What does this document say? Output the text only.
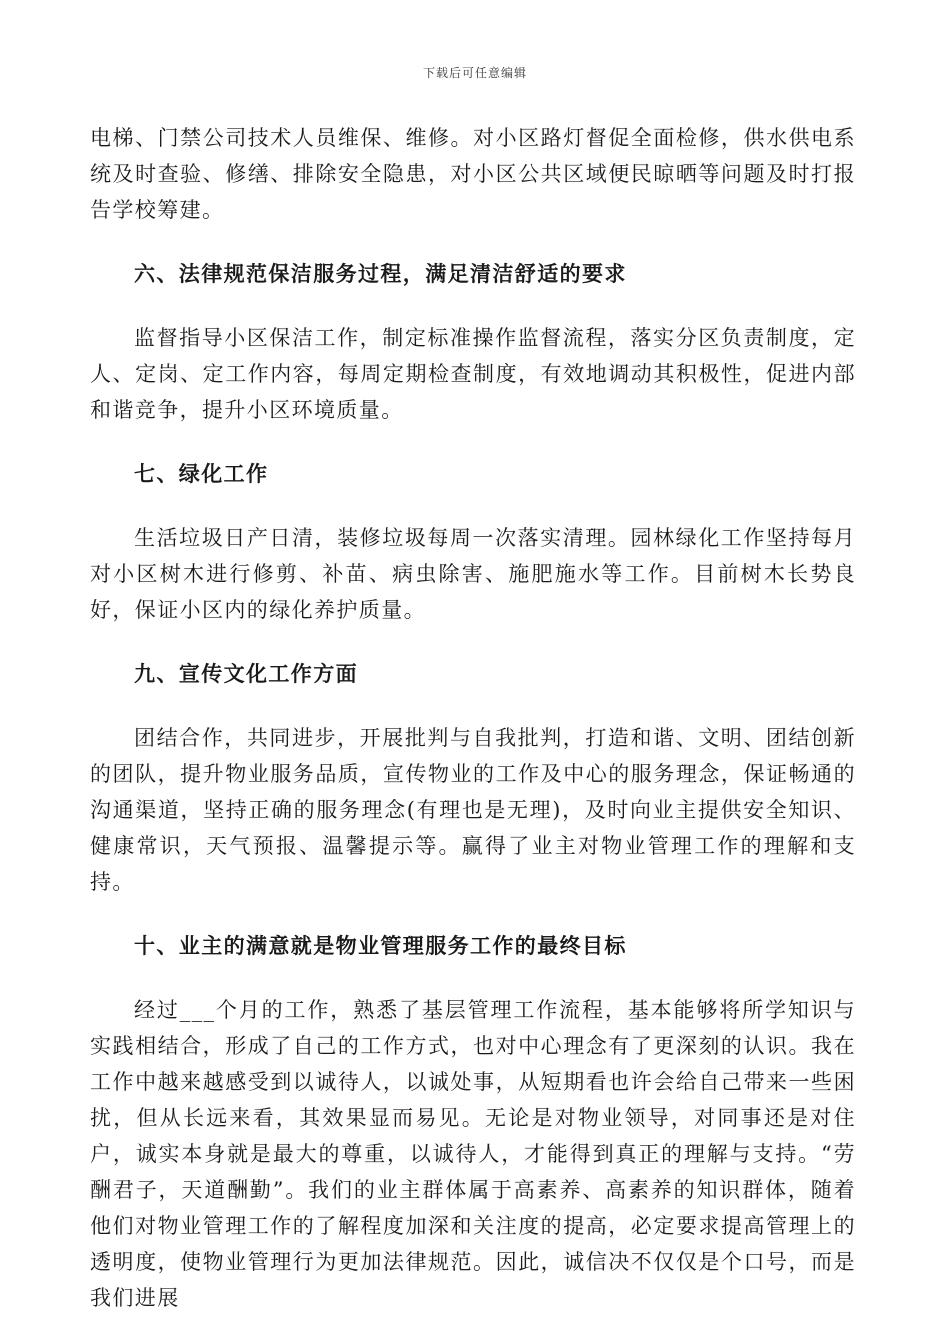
下载后可任意编辑

电梯、门禁公司技术人员维保、维修。对小区路灯督促全面检修，供水供电系统及时查验、修缮、排除安全隐患，对小区公共区域便民晾晒等问题及时打报告学校筹建。

六、法律规范保洁服务过程，满足清洁舒适的要求

监督指导小区保洁工作，制定标准操作监督流程，落实分区负责制度，定人、定岗、定工作内容，每周定期检查制度，有效地调动其积极性，促进内部和谐竞争，提升小区环境质量。

七、绿化工作

生活垃圾日产日清，装修垃圾每周一次落实清理。园林绿化工作坚持每月对小区树木进行修剪、补苗、病虫除害、施肥施水等工作。目前树木长势良好，保证小区内的绿化养护质量。

九、宣传文化工作方面

团结合作，共同进步，开展批判与自我批判，打造和谐、文明、团结创新的团队，提升物业服务品质，宣传物业的工作及中心的服务理念，保证畅通的沟通渠道，坚持正确的服务理念(有理也是无理)，及时向业主提供安全知识、健康常识，天气预报、温馨提示等。赢得了业主对物业管理工作的理解和支持。

十、业主的满意就是物业管理服务工作的最终目标

经过___个月的工作，熟悉了基层管理工作流程，基本能够将所学知识与实践相结合，形成了自己的工作方式，也对中心理念有了更深刻的认识。我在工作中越来越感受到以诚待人，以诚处事，从短期看也许会给自己带来一些困扰，但从长远来看，其效果显而易见。无论是对物业领导，对同事还是对住户，诚实本身就是最大的尊重，以诚待人，才能得到真正的理解与支持。“劳酬君子，天道酬勤”。我们的业主群体属于高素养、高素养的知识群体，随着他们对物业管理工作的了解程度加深和关注度的提高，必定要求提高管理上的透明度，使物业管理行为更加法律规范。因此，诚信决不仅仅是个口号，而是我们进展
